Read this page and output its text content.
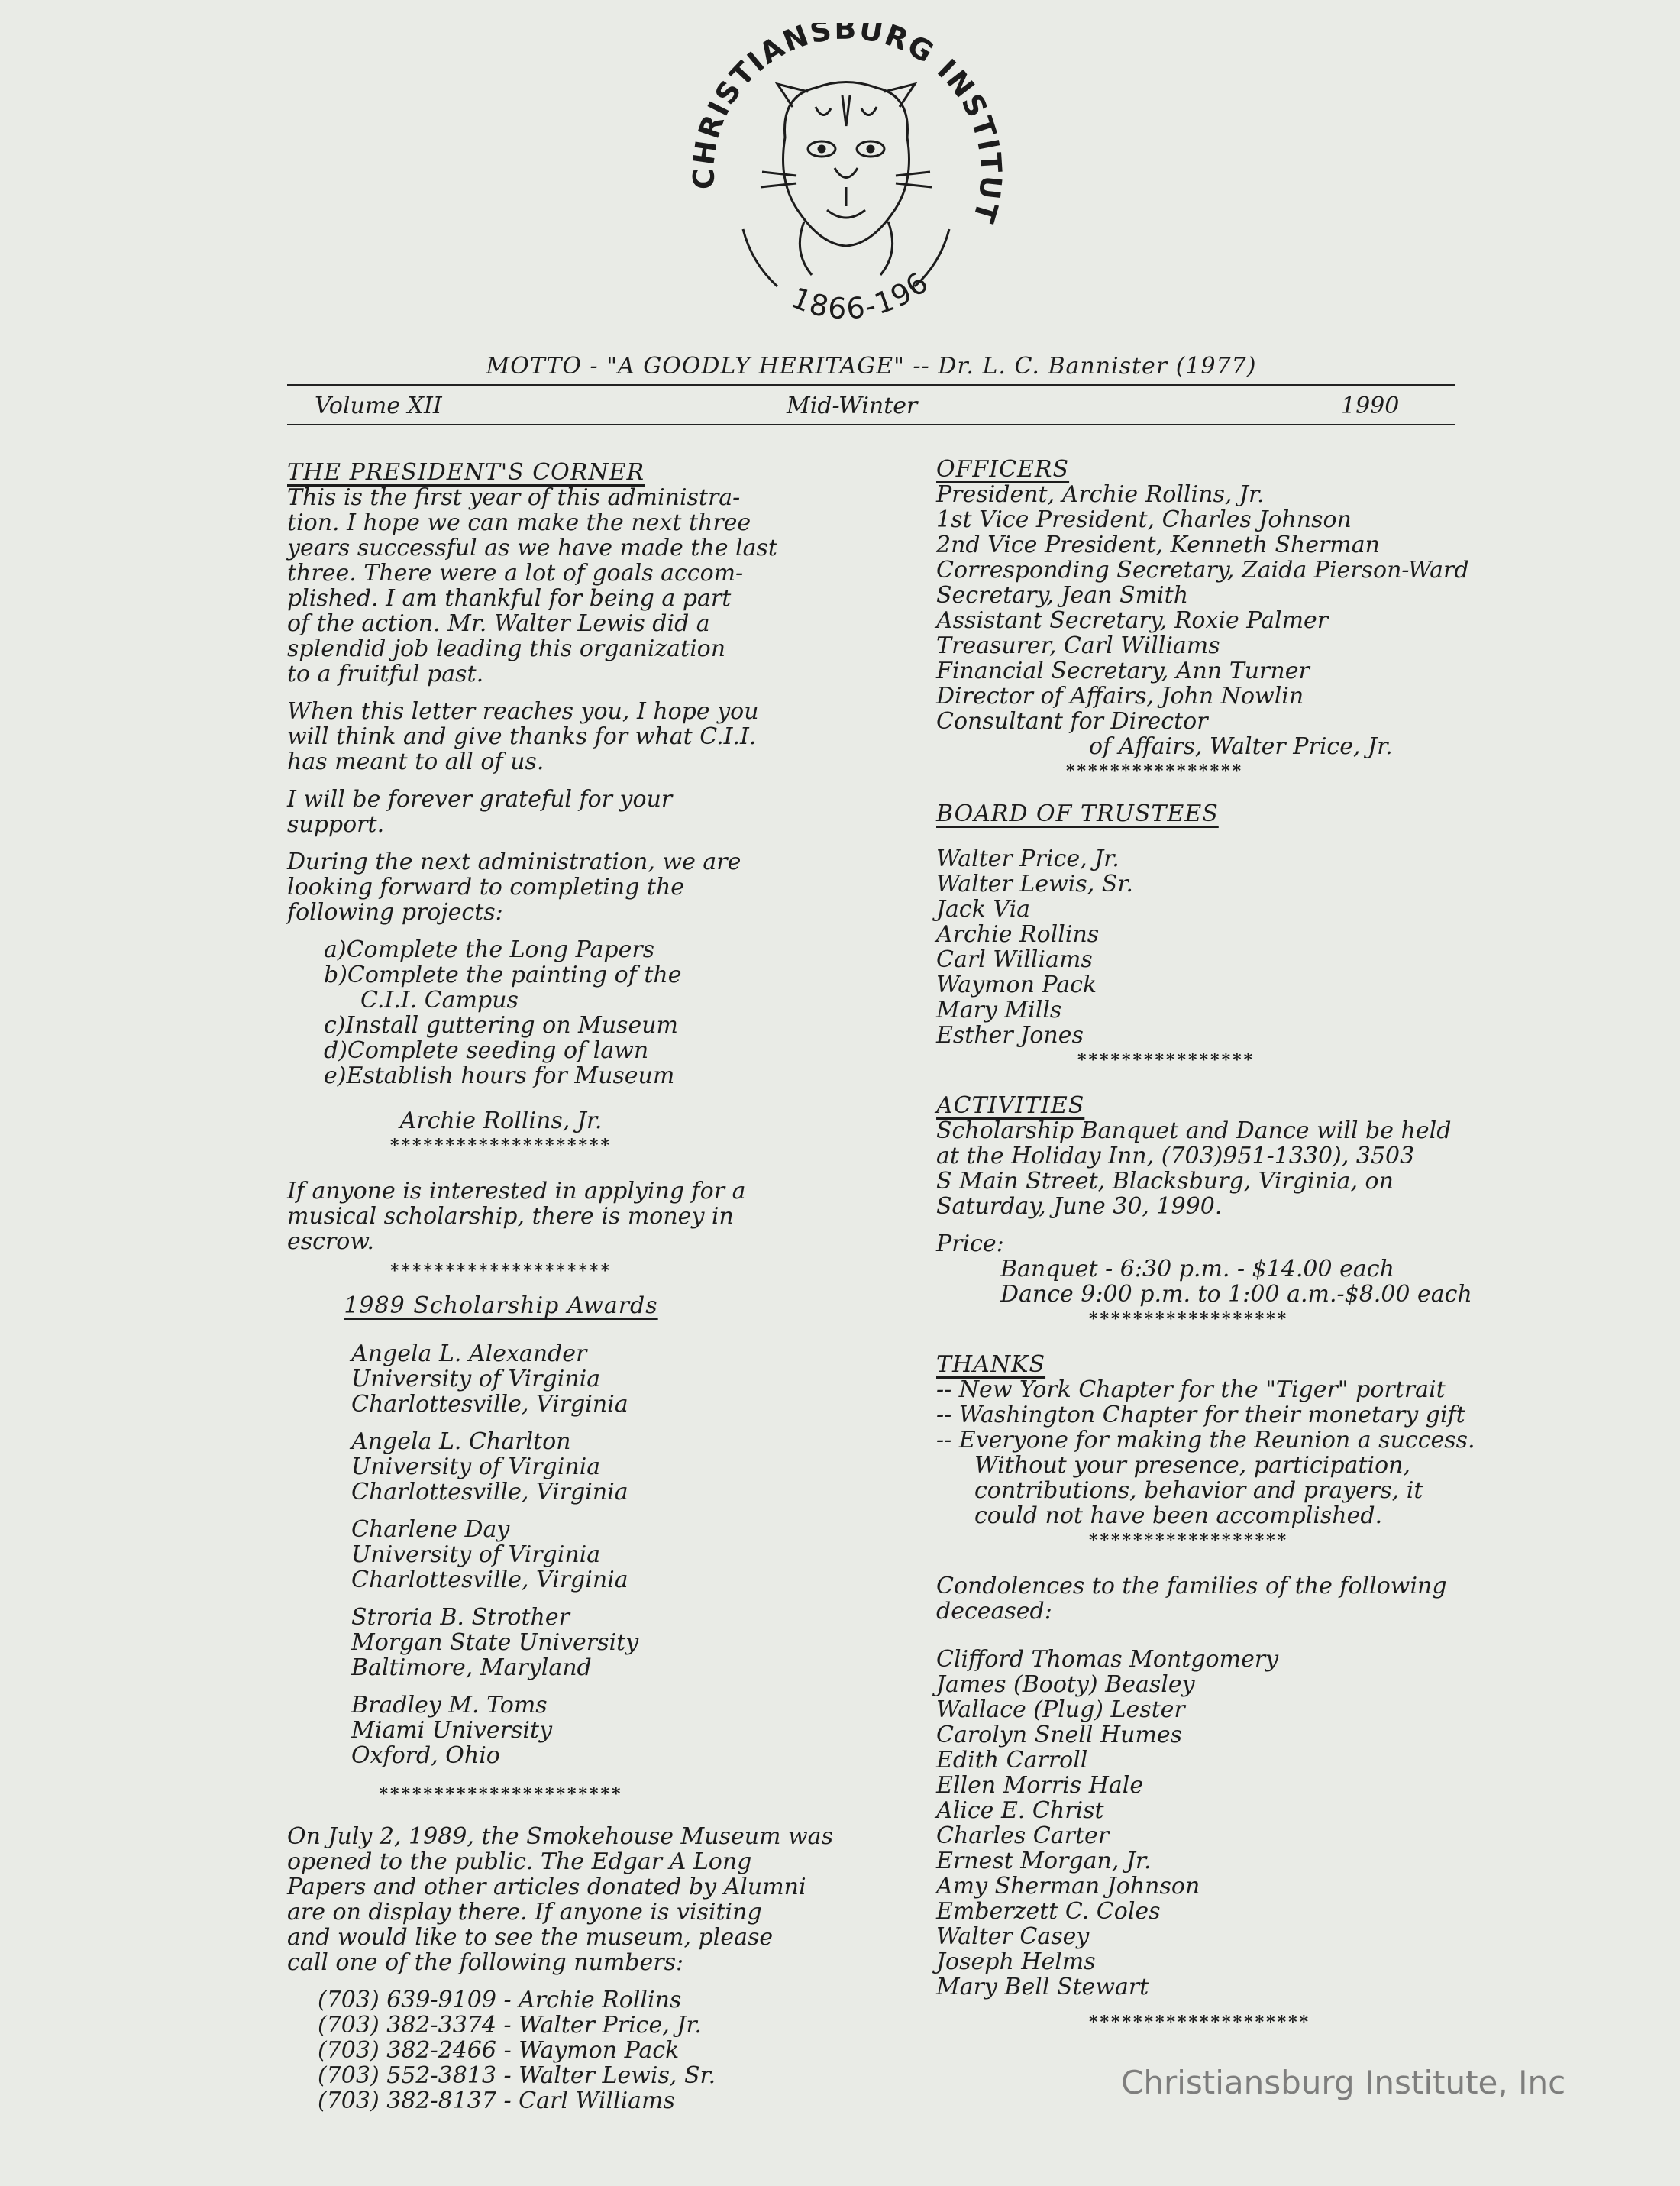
CHRISTIANSBURG INSTITUT
1866-196
MOTTO - "A GOODLY HERITAGE" -- Dr. L. C. Bannister (1977)
Volume XII	Mid-Winter	1990

THE PRESIDENT'S CORNER

This is the first year of this administra-

tion. I hope we can make the next three

years successful as we have made the last

three. There were a lot of goals accom-

plished. I am thankful for being a part

of the action. Mr. Walter Lewis did a

splendid job leading this organization

to a fruitful past.

When this letter reaches you, I hope you

will think and give thanks for what C.I.I.

has meant to all of us.

I will be forever grateful for your

support.

During the next administration, we are

looking forward to completing the

following projects:

a)Complete the Long Papers

b)Complete the painting of the

C.I.I. Campus

c)Install guttering on Museum

d)Complete seeding of lawn

e)Establish hours for Museum

Archie Rollins, Jr.

********************

If anyone is interested in applying for a

musical scholarship, there is money in

escrow.

********************

1989 Scholarship Awards

Angela L. Alexander

University of Virginia

Charlottesville, Virginia

Angela L. Charlton

University of Virginia

Charlottesville, Virginia

Charlene Day

University of Virginia

Charlottesville, Virginia

Stroria B. Strother

Morgan State University

Baltimore, Maryland

Bradley M. Toms

Miami University

Oxford, Ohio

**********************

On July 2, 1989, the Smokehouse Museum was

opened to the public. The Edgar A Long

Papers and other articles donated by Alumni

are on display there. If anyone is visiting

and would like to see the museum, please

call one of the following numbers:

(703) 639-9109 - Archie Rollins

(703) 382-3374 - Walter Price, Jr.

(703) 382-2466 - Waymon Pack

(703) 552-3813 - Walter Lewis, Sr.

(703) 382-8137 - Carl Williams

OFFICERS

President, Archie Rollins, Jr.

1st Vice President, Charles Johnson

2nd Vice President, Kenneth Sherman

Corresponding Secretary, Zaida Pierson-Ward

Secretary, Jean Smith

Assistant Secretary, Roxie Palmer

Treasurer, Carl Williams

Financial Secretary, Ann Turner

Director of Affairs, John Nowlin

Consultant for Director

of Affairs, Walter Price, Jr.

****************

BOARD OF TRUSTEES

Walter Price, Jr.

Walter Lewis, Sr.

Jack Via

Archie Rollins

Carl Williams

Waymon Pack

Mary Mills

Esther Jones

****************

ACTIVITIES

Scholarship Banquet and Dance will be held

at the Holiday Inn, (703)951-1330), 3503

S Main Street, Blacksburg, Virginia, on

Saturday, June 30, 1990.

Price:

Banquet - 6:30 p.m. - $14.00 each

Dance 9:00 p.m. to 1:00 a.m.-$8.00 each

******************

THANKS

-- New York Chapter for the "Tiger" portrait

-- Washington Chapter for their monetary gift

-- Everyone for making the Reunion a success.

Without your presence, participation,

contributions, behavior and prayers, it

could not have been accomplished.

******************

Condolences to the families of the following

deceased:

Clifford Thomas Montgomery

James (Booty) Beasley

Wallace (Plug) Lester

Carolyn Snell Humes

Edith Carroll

Ellen Morris Hale

Alice E. Christ

Charles Carter

Ernest Morgan, Jr.

Amy Sherman Johnson

Emberzett C. Coles

Walter Casey

Joseph Helms

Mary Bell Stewart

********************

Christiansburg Institute, Inc
